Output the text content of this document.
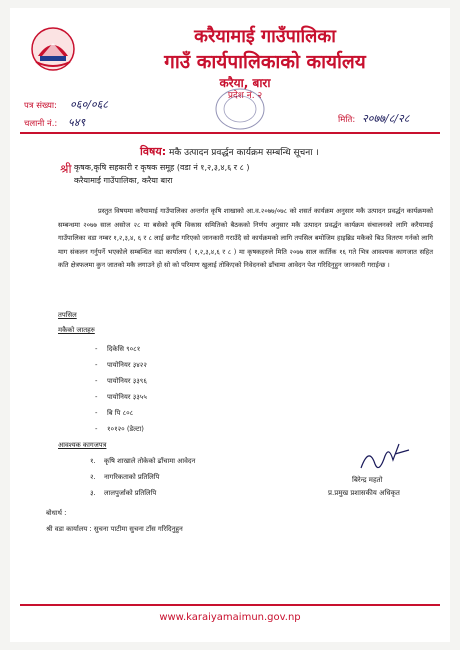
करैयामाई गाउँपालिका
गाउँ कार्यपालिकाको कार्यालय
करैया, बारा
प्रदेश नं. २
पत्र संख्या: ०६०/०६८
चलानी नं.: ५४९	मिति: २०७७/८/२८
विषय: मकै उत्पादन प्रवर्द्धन कार्यक्रम सम्बन्धि सूचना ।
श्री कृषक,कृषि सहकारी र कृषक समूह (वडा नं १,२,३,४,६ र ८ )
करैयामाई गाउँपालिका, करैया बारा
प्रस्तुत विषयमा करैयामाई गाउँपालिका अन्तर्गत कृषि शाखाको आ.व.२०७७/०७८ को शसर्त कार्यक्रम अनुसार मकै उत्पादन प्रवर्द्धन कार्यक्रमको सम्बन्धमा २०७७ साल असोज २८ मा बसेको कृषि विकास समितिको बैठकको निर्णय अनुसार मकै उत्पादन प्रवर्द्धन कार्यक्रम संचालनको लागि करैयामाई गाउँपालिका वडा नम्बर १,२,३,४, ६ र ८ लाई छनौट गरिएको जानकारी गराउँदै सो कार्यक्रमको लागि तपसिल बमोजिम हाइब्रिड मकैको बिउ वितरण गर्नको लागि माग संकलन गर्नुपर्ने भएकोले सम्बन्धित वडा कार्यालय ( १,२,३,४,६ र ८ ) मा कृषकहरुले मिति २०७७ साल कार्तिक १६ गते भित्र आवश्यक कागजात सहित कति क्षेत्रफलमा कुन जातको मकै लगाउने हो सो को परिमाण खुलाई तोकिएको निवेदनको ढाँचामा आवेदन पेश गरिदिनुहुन जानकारी गराईन्छ ।
तपसिल
मकैको जातहरु
- दिकेसि ९०८१
- पायोनियर ३४२२
- पायोनियर ३३९६
- पायोनियर ३३५५
- बि पि ८०८
- १०१२० (डेल्टा)
आवश्यक कागजपत्र
१. कृषि शाखाले तोकेको ढाँचामा आवेदन
२. नागरिकताको प्रतिलिपि
३. लालपुर्जाको प्रतिलिपि
बिरेन्द्र महतो
प्र.प्रमुख प्रशासकीय अधिकृत
बोधार्थ :
श्री वडा कार्यालय : सुचना पाटीमा सुचना टाँस गरिदिनुहुन
www.karaiyamaimun.gov.np
